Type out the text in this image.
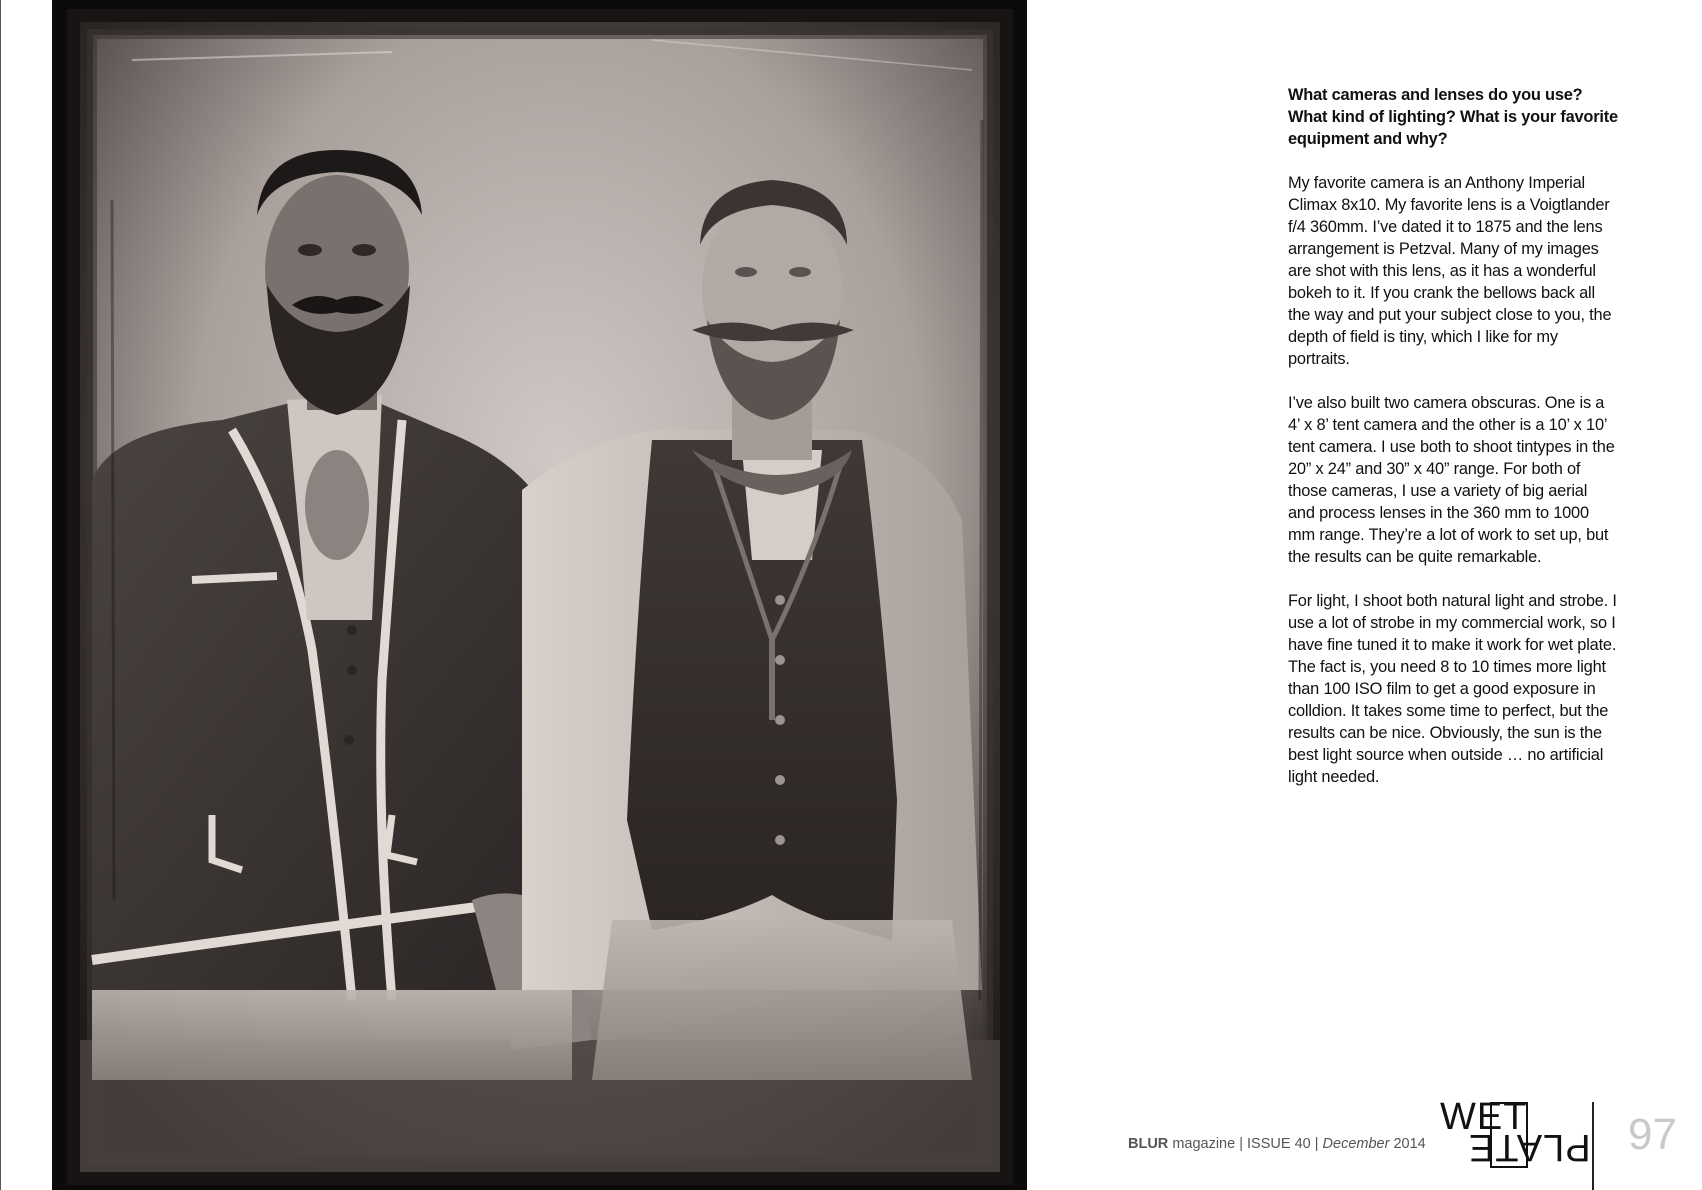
What cameras and lenses do you use? What kind of lighting? What is your favorite equipment and why?

My favorite camera is an Anthony Imperial Climax 8x10. My favorite lens is a Voigtlander f/4 360mm. I’ve dated it to 1875 and the lens arrangement is Petzval. Many of my images are shot with this lens, as it has a wonderful bokeh to it. If you crank the bellows back all the way and put your subject close to you, the depth of field is tiny, which I like for my portraits.

I’ve also built two camera obscuras. One is a 4’ x 8’ tent camera and the other is a 10’ x 10’ tent camera. I use both to shoot tintypes in the 20” x 24” and 30” x 40” range. For both of those cameras, I use a variety of big aerial and process lenses in the 360 mm to 1000 mm range. They’re a lot of work to set up, but the results can be quite remarkable.

For light, I shoot both natural light and strobe. I use a lot of strobe in my commercial work, so I have fine tuned it to make it work for wet plate. The fact is, you need 8 to 10 times more light than 100 ISO film to get a good exposure in colldion. It takes some time to perfect, but the results can be nice. Obviously, the sun is the best light source when outside … no artificial light needed.

BLUR magazine | ISSUE 40 | December 2014
WET
PLATE 97
